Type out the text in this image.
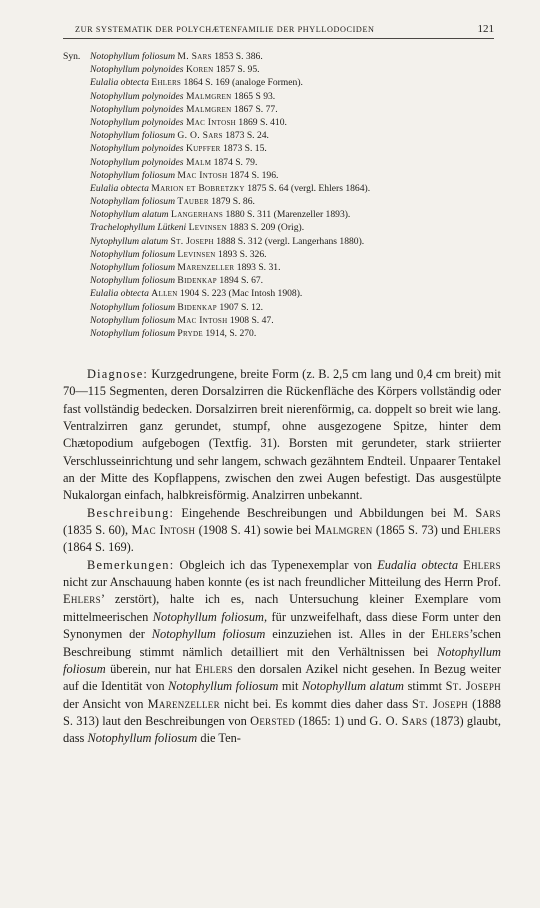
ZUR SYSTEMATIK DER POLYCHÆTENFAMILIE DER PHYLLODOCIDEN	121
Syn. Notophyllum foliosum M. Sars 1853 S. 386.
Notophyllum polynoides Koren 1857 S. 95.
Eulalia obtecta Ehlers 1864 S. 169 (analoge Formen).
Notophyllum polynoides Malmgren 1865 S 93.
Notophyllum polynoides Malmgren 1867 S. 77.
Notophyllum polynoides Mac Intosh 1869 S. 410.
Notophyllum foliosum G. O. Sars 1873 S. 24.
Notophyllum polynoides Kupffer 1873 S. 15.
Notophyllum polynoides Malm 1874 S. 79.
Notophyllum foliosum Mac Intosh 1874 S. 196.
Eulalia obtecta Marion et Bobretzky 1875 S. 64 (vergl. Ehlers 1864).
Notophyllam foliosum Tauber 1879 S. 86.
Notophyllum alatum Langerhans 1880 S. 311 (Marenzeller 1893).
Trachelophyllum Lütkeni Levinsen 1883 S. 209 (Orig).
Nytophyllum alatum St. Joseph 1888 S. 312 (vergl. Langerhans 1880).
Notophyllum foliosum Levinsen 1893 S. 326.
Notophyllum foliosum Marenzeller 1893 S. 31.
Notophyllum foliosum Bidenkap 1894 S. 67.
Eulalia obtecta Allen 1904 S. 223 (Mac Intosh 1908).
Notophyllum foliosum Bidenkap 1907 S. 12.
Notophyllum foliosum Mac Intosh 1908 S. 47.
Notophyllum foliosum Pryde 1914, S. 270.

Diagnose: Kurzgedrungene, breite Form (z. B. 2,5 cm lang und 0,4 cm breit) mit 70—115 Segmenten, deren Dorsalzirren die Rückenfläche des Körpers vollständig oder fast vollständig bedecken. Dorsalzirren breit nierenförmig, ca. doppelt so breit wie lang. Ventralzirren ganz gerundet, stumpf, ohne ausgezogene Spitze, hinter dem Chætopodium aufgebogen (Textfig. 31). Borsten mit gerundeter, stark striierter Verschlusseinrichtung und sehr langem, schwach gezähntem Endteil. Unpaarer Tentakel an der Mitte des Kopflappens, zwischen den zwei Augen befestigt. Das ausgestülpte Nukalorgan einfach, halbkreisförmig. Analzirren unbekannt.

Beschreibung: Eingehende Beschreibungen und Abbildungen bei M. Sars (1835 S. 60), Mac Intosh (1908 S. 41) sowie bei Malmgren (1865 S. 73) und Ehlers (1864 S. 169).

Bemerkungen: Obgleich ich das Typenexemplar von Eudalia obtecta Ehlers nicht zur Anschauung haben konnte (es ist nach freundlicher Mitteilung des Herrn Prof. Ehlers’ zerstört), halte ich es, nach Untersuchung kleiner Exemplare vom mittelmeerischen Notophyllum foliosum, für unzweifelhaft, dass diese Form unter den Synonymen der Notophyllum foliosum einzuziehen ist. Alles in der Ehlers’schen Beschreibung stimmt nämlich detailliert mit den Verhältnissen bei Notophyllum foliosum überein, nur hat Ehlers den dorsalen Azikel nicht gesehen. In Bezug weiter auf die Identität von Notophyllum foliosum mit Notophyllum alatum stimmt St. Joseph der Ansicht von Marenzeller nicht bei. Es kommt dies daher dass St. Joseph (1888 S. 313) laut den Beschreibungen von Oersted (1865: 1) und G. O. Sars (1873) glaubt, dass Notophyllum foliosum die Ten-
